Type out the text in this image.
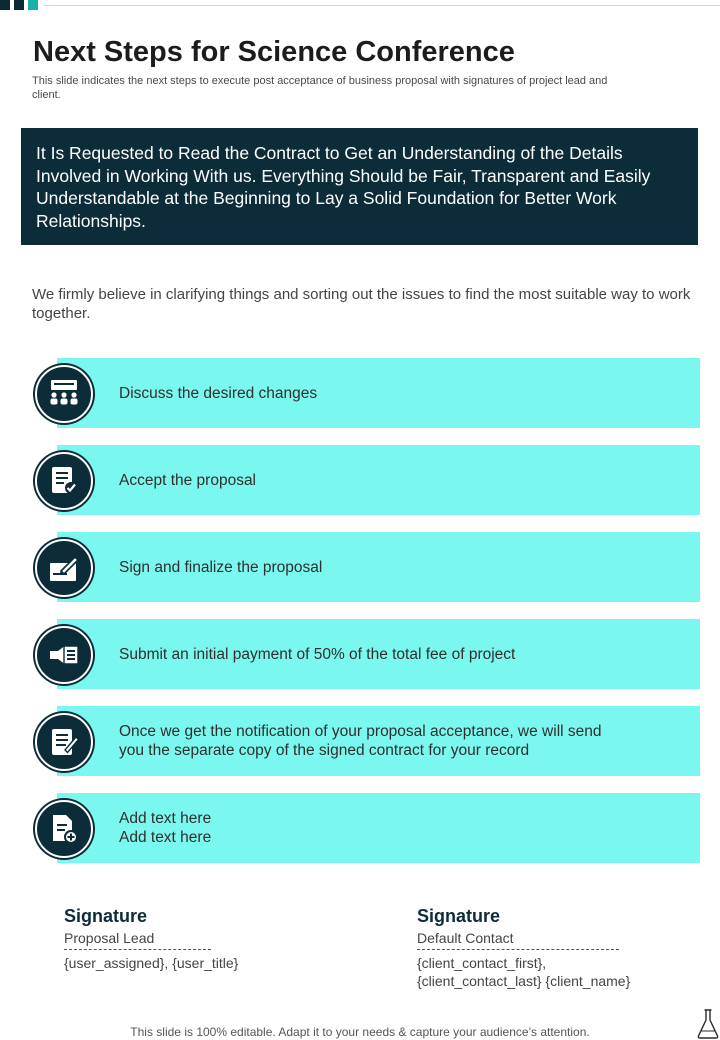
Next Steps for Science Conference

This slide indicates the next steps to execute post acceptance of business proposal with signatures of project lead and client.

It Is Requested to Read the Contract to Get an Understanding of the Details Involved in Working With us. Everything Should be Fair, Transparent and Easily Understandable at the Beginning to Lay a Solid Foundation for Better Work Relationships.

We firmly believe in clarifying things and sorting out the issues to find the most suitable way to work together.

Discuss the desired changes
Accept the proposal
Sign and finalize the proposal
Submit an initial payment of 50% of the total fee of project
Once we get the notification of your proposal acceptance, we will send
you the separate copy of the signed contract for your record
Add text here
Add text here
Signature
Proposal Lead
{user_assigned}, {user_title}
Signature
Default Contact
{client_contact_first},
{client_contact_last} {client_name}

This slide is 100% editable. Adapt it to your needs & capture your audience’s attention.
